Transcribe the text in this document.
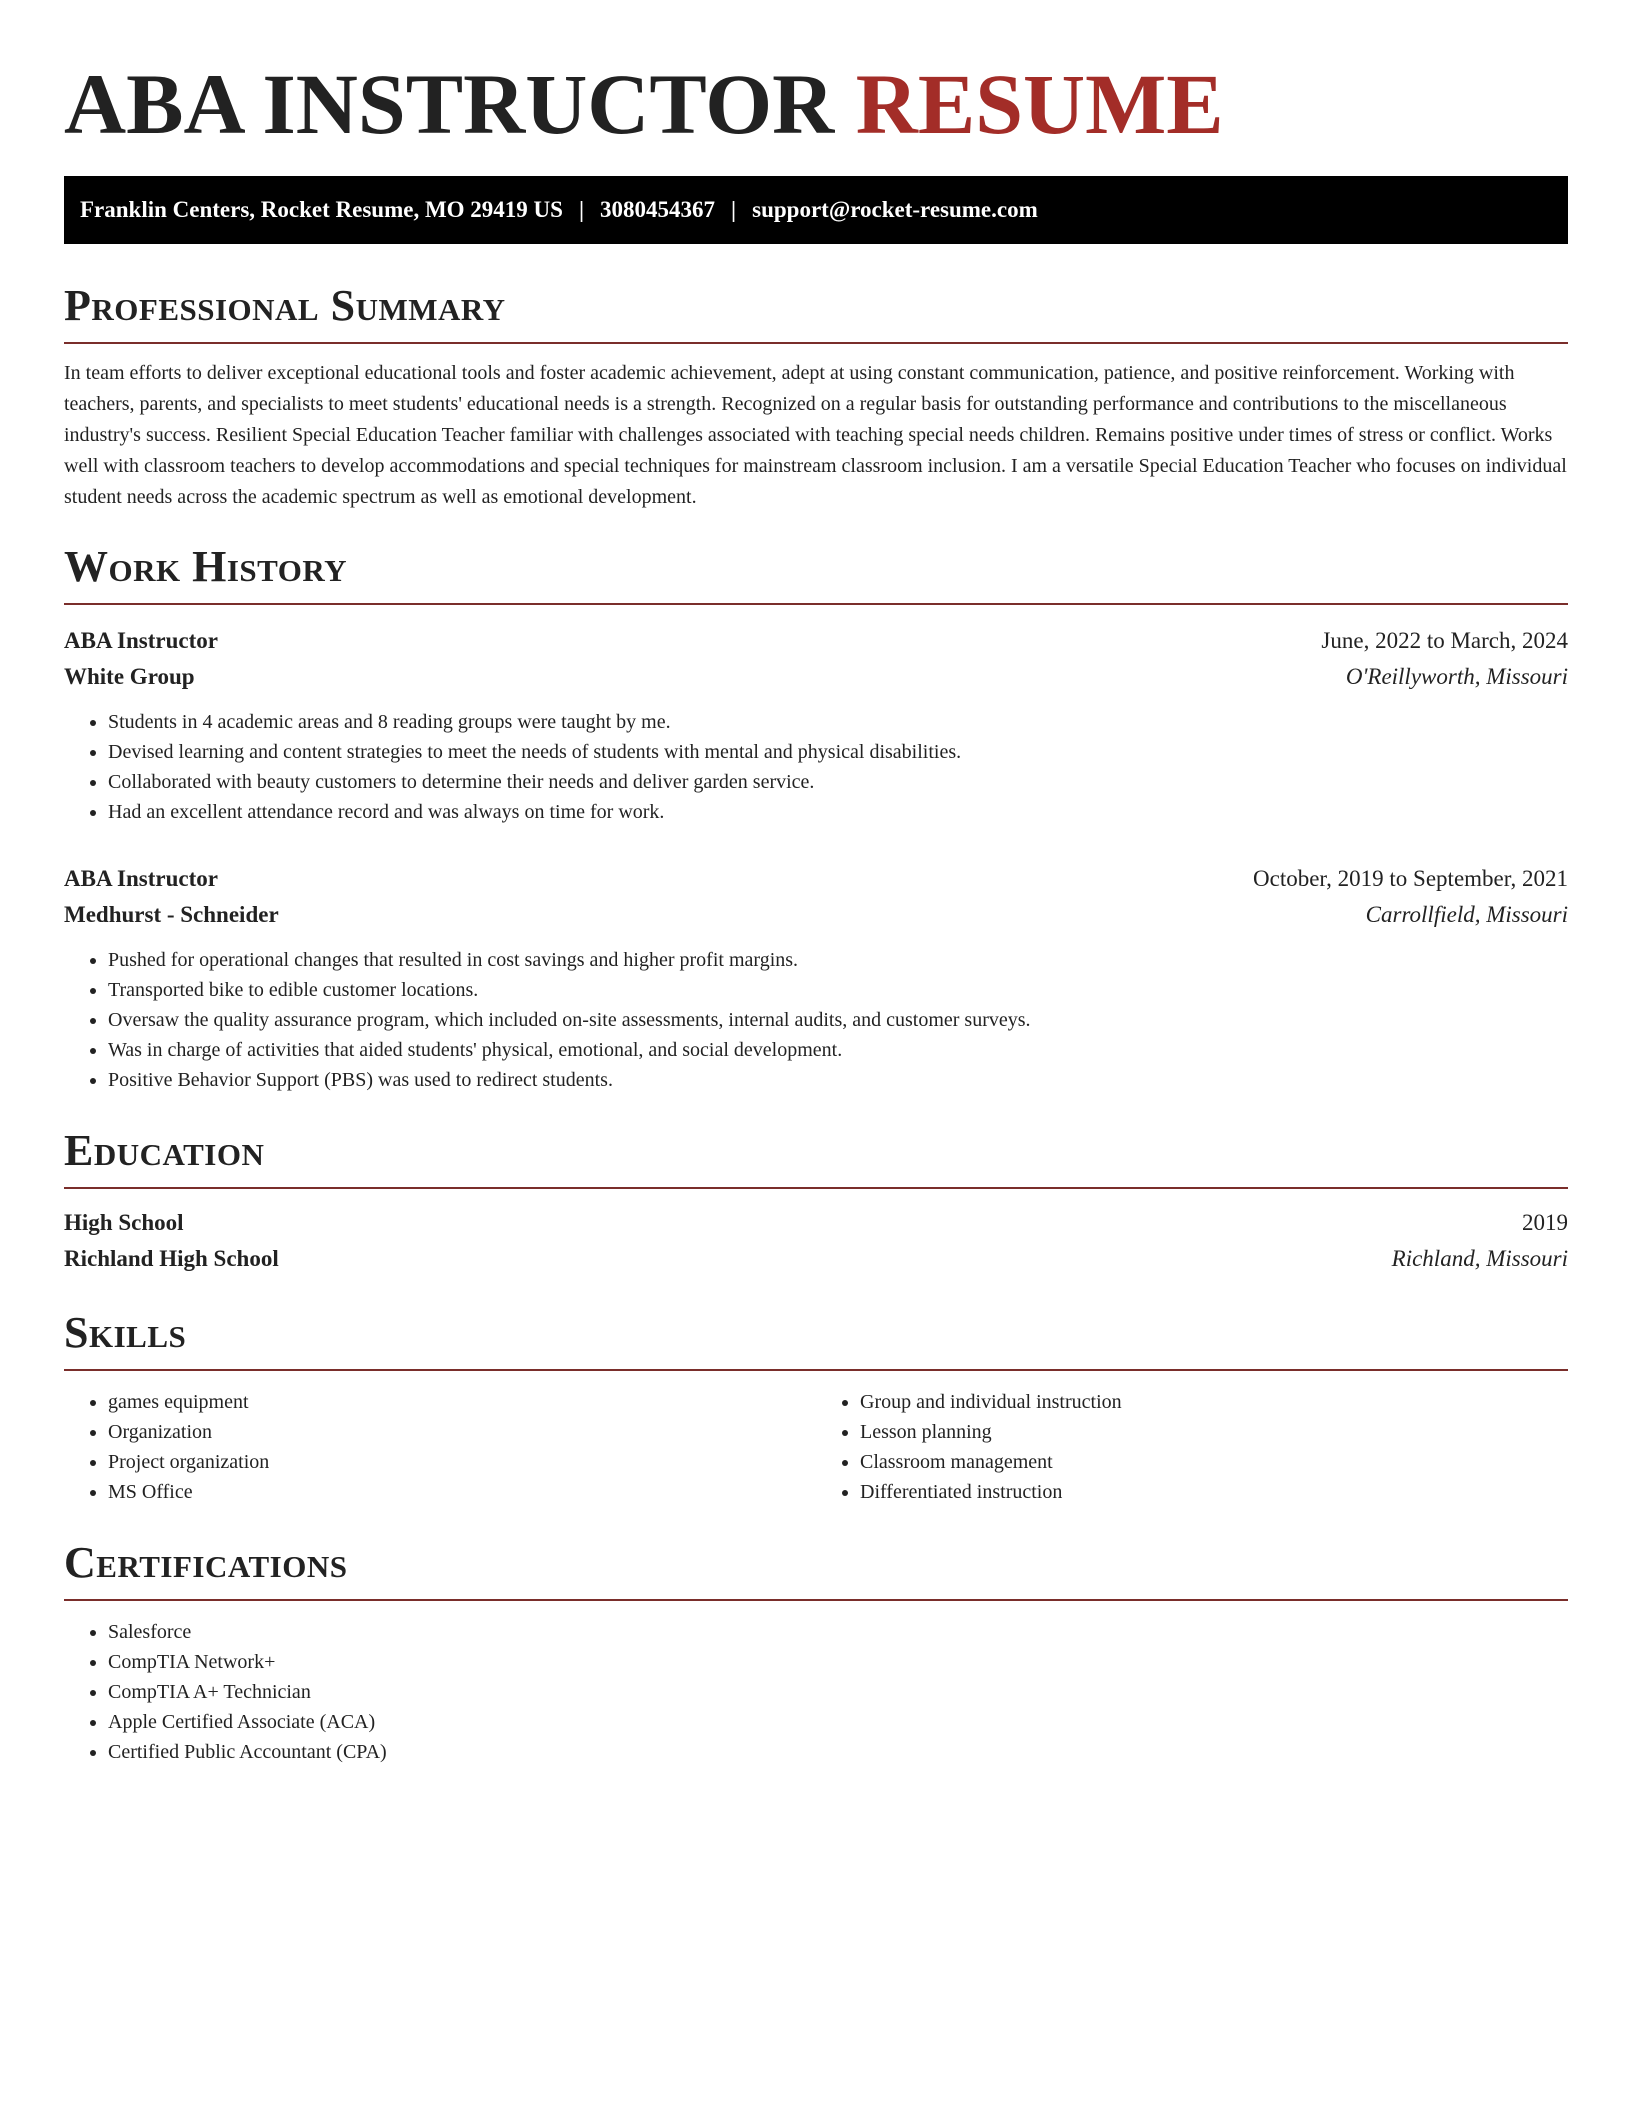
ABA INSTRUCTOR RESUME
Franklin Centers, Rocket Resume, MO 29419 US | 3080454367 | support@rocket-resume.com
Professional Summary

In team efforts to deliver exceptional educational tools and foster academic achievement, adept at using constant communication, patience, and positive reinforcement. Working with teachers, parents, and specialists to meet students' educational needs is a strength. Recognized on a regular basis for outstanding performance and contributions to the miscellaneous industry's success. Resilient Special Education Teacher familiar with challenges associated with teaching special needs children. Remains positive under times of stress or conflict. Works well with classroom teachers to develop accommodations and special techniques for mainstream classroom inclusion. I am a versatile Special Education Teacher who focuses on individual student needs across the academic spectrum as well as emotional development.

Work History
ABA Instructor	June, 2022 to March, 2024
White Group	O'Reillyworth, Missouri
• Students in 4 academic areas and 8 reading groups were taught by me.
• Devised learning and content strategies to meet the needs of students with mental and physical disabilities.
• Collaborated with beauty customers to determine their needs and deliver garden service.
• Had an excellent attendance record and was always on time for work.
ABA Instructor	October, 2019 to September, 2021
Medhurst - Schneider	Carrollfield, Missouri
• Pushed for operational changes that resulted in cost savings and higher profit margins.
• Transported bike to edible customer locations.
• Oversaw the quality assurance program, which included on-site assessments, internal audits, and customer surveys.
• Was in charge of activities that aided students' physical, emotional, and social development.
• Positive Behavior Support (PBS) was used to redirect students.
Education
High School	2019
Richland High School	Richland, Missouri
Skills
• games equipment
• Organization
• Project organization
• MS Office
• Group and individual instruction
• Lesson planning
• Classroom management
• Differentiated instruction
Certifications
• Salesforce
• CompTIA Network+
• CompTIA A+ Technician
• Apple Certified Associate (ACA)
• Certified Public Accountant (CPA)
